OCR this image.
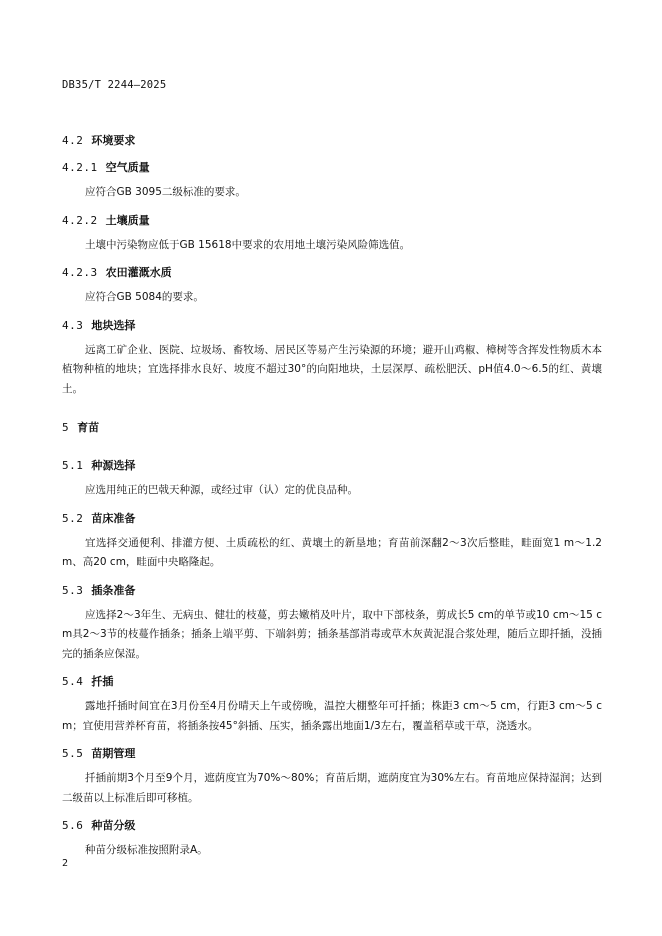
DB35/T 2244—2025
4.2 环境要求
4.2.1 空气质量
应符合GB 3095二级标准的要求。
4.2.2 土壤质量
土壤中污染物应低于GB 15618中要求的农用地土壤污染风险筛选值。
4.2.3 农田灌溉水质
应符合GB 5084的要求。
4.3 地块选择
远离工矿企业、医院、垃圾场、畜牧场、居民区等易产生污染源的环境；避开山鸡椒、樟树等含挥发性物质木本植物种植的地块；宜选择排水良好、坡度不超过30°的向阳地块，土层深厚、疏松肥沃、pH值4.0～6.5的红、黄壤土。
5 育苗
5.1 种源选择
应选用纯正的巴戟天种源，或经过审（认）定的优良品种。
5.2 苗床准备
宜选择交通便利、排灌方便、土质疏松的红、黄壤土的新垦地；育苗前深翻2～3次后整畦，畦面宽1 m～1.2 m、高20 cm，畦面中央略隆起。
5.3 插条准备
应选择2～3年生、无病虫、健壮的枝蔓，剪去嫩梢及叶片，取中下部枝条，剪成长5 cm的单节或10 cm～15 cm具2～3节的枝蔓作插条；插条上端平剪、下端斜剪；插条基部消毒或草木灰黄泥混合浆处理，随后立即扦插，没插完的插条应保湿。
5.4 扦插
露地扦插时间宜在3月份至4月份晴天上午或傍晚，温控大棚整年可扦插；株距3 cm～5 cm，行距3 cm～5 cm；宜使用营养杯育苗，将插条按45°斜插、压实，插条露出地面1/3左右，覆盖稻草或干草，浇透水。
5.5 苗期管理
扦插前期3个月至9个月，遮荫度宜为70%～80%；育苗后期，遮荫度宜为30%左右。育苗地应保持湿润；达到二级苗以上标准后即可移植。
5.6 种苗分级
种苗分级标准按照附录A。
2
